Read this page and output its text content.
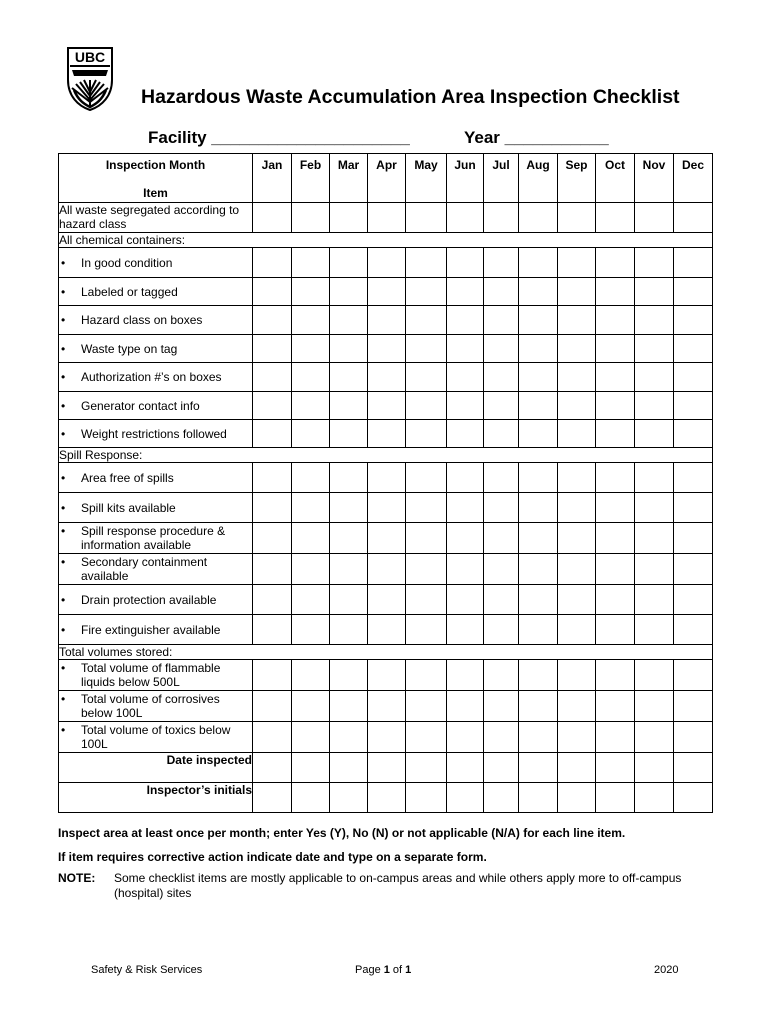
UBC
Hazardous Waste Accumulation Area Inspection Checklist
Facility _____________________	Year ___________
Inspection Month
Item	Jan	Feb	Mar	Apr	May	Jun	Jul	Aug	Sep	Oct	Nov	Dec
All waste segregated according to hazard class												
All chemical containers:												

• In good condition												

• Labeled or tagged												

• Hazard class on boxes												

• Waste type on tag												

• Authorization #’s on boxes												

• Generator contact info												

• Weight restrictions followed												

Spill Response:												

• Area free of spills												

• Spill kits available												

• Spill response procedure & information available												

• Secondary containment available												

• Drain protection available												

• Fire extinguisher available												

Total volumes stored:												

• Total volume of flammable liquids below 500L												

• Total volume of corrosives below 100L												

• Total volume of toxics below 100L												

Date inspected												
Inspector’s initials												
Inspect area at least once per month; enter Yes (Y), No (N) or not applicable (N/A) for each line item.
If item requires corrective action indicate date and type on a separate form.
NOTE: Some checklist items are mostly applicable to on-campus areas and while others apply more to off-campus (hospital) sites
Safety & Risk Services	Page 1 of 1	2020
